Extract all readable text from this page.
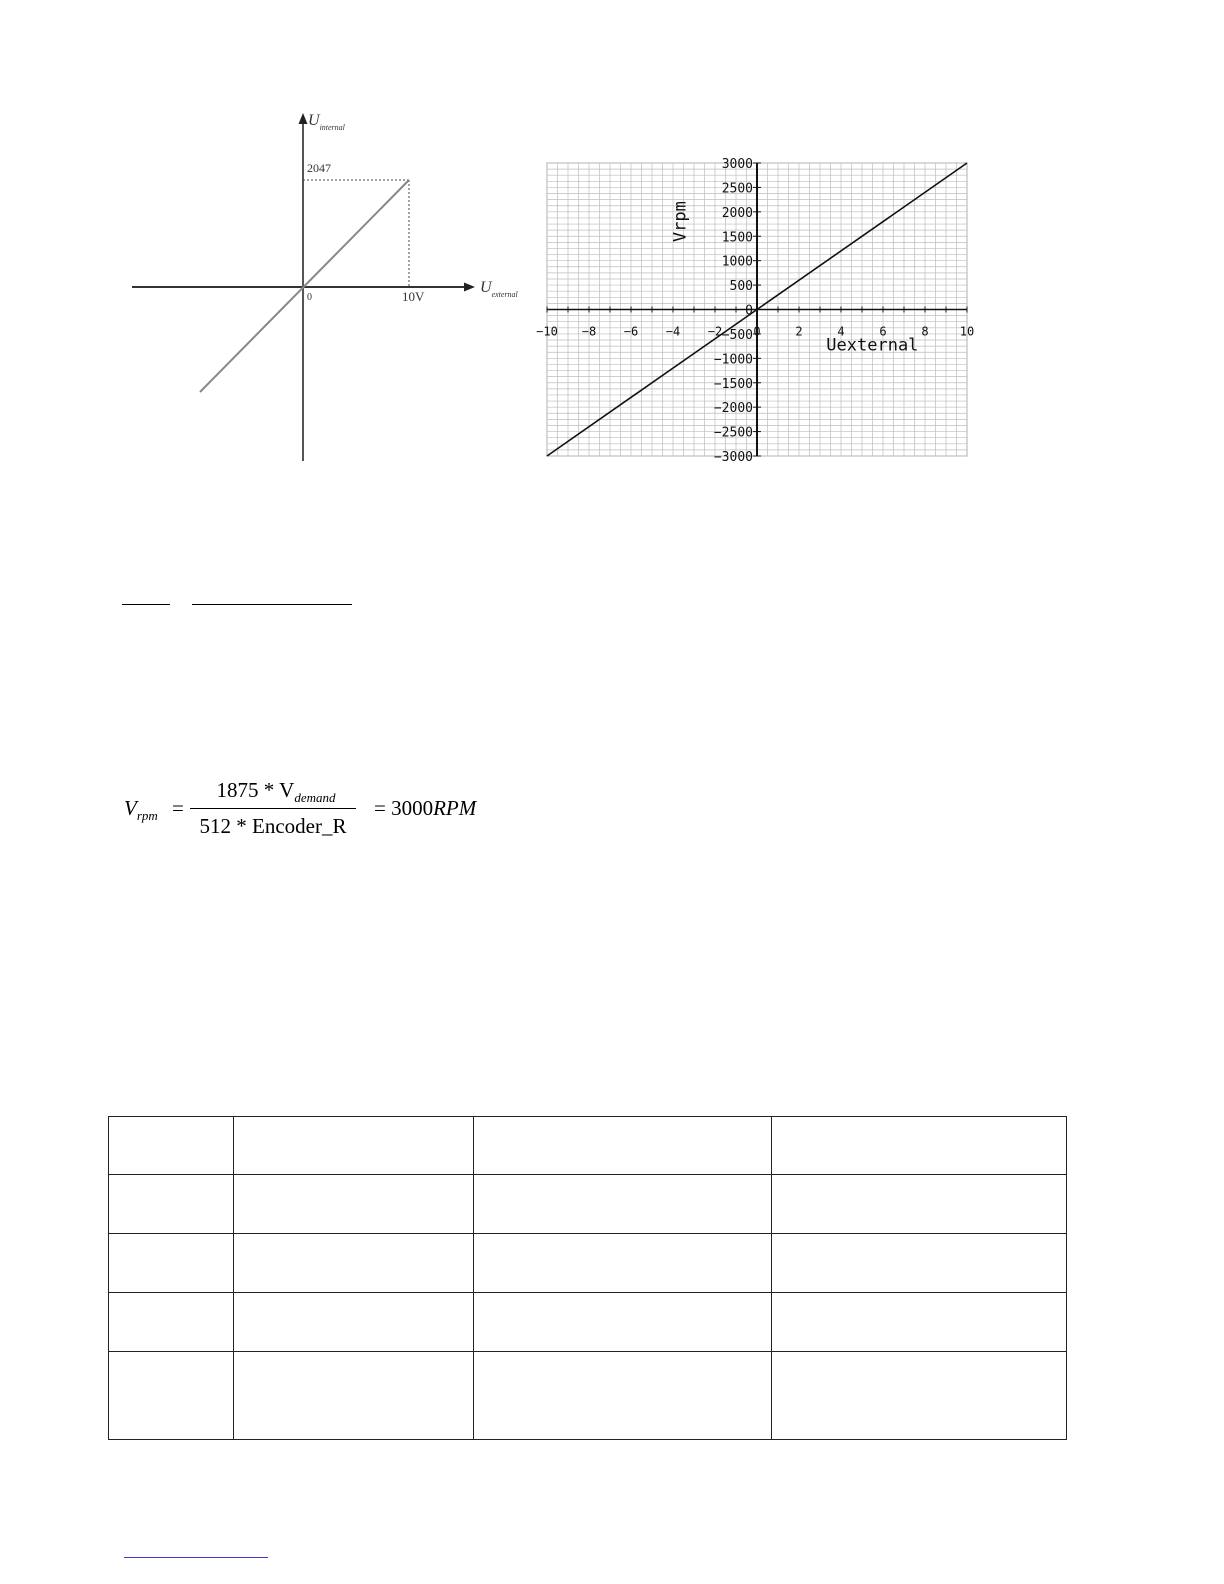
$U_{internal}$
2047
0	10V
$U_{external}$
−10 −8 −6 −4 −2	0	2	4	6	8	10
3000
2500
2000
1500
1000
500
0
−500
−1000
−1500
−2000
−2500
−3000
Uexternal
Vrpm
$V_{rpm}$ =
$1875 * V_{demand}$
512 * Encoder_R
= 3000RPM
